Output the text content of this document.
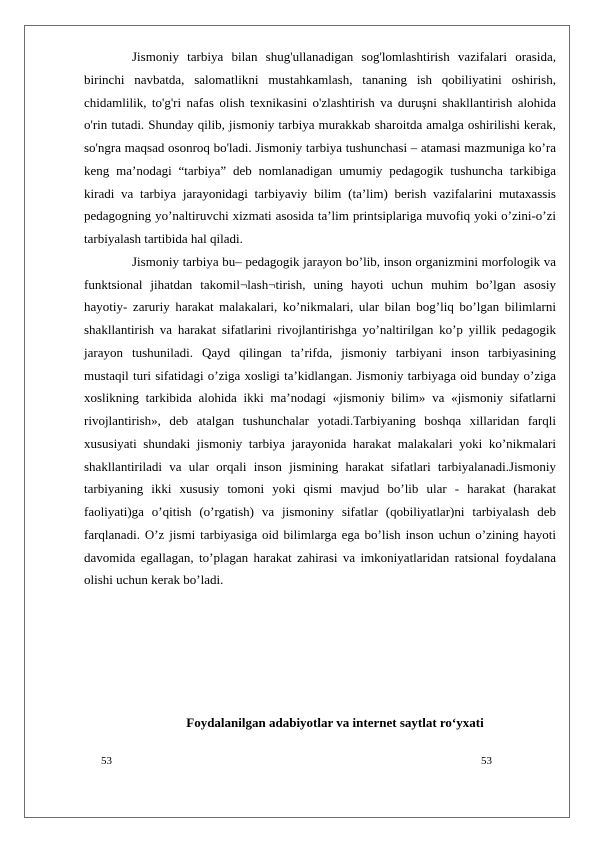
Jismoniy tarbiya bilan shug'ullanadigan sog'lomlashtirish vazifalari orasida, birinchi navbatda, salomatlikni mustahkamlash, tananing ish qobiliyatini oshirish, chidamlilik, to'g'ri nafas olish texnikasini o'zlashtirish va duruşni shakllantirish alohida o'rin tutadi. Shunday qilib, jismoniy tarbiya murakkab sharoitda amalga oshirilishi kerak, so'ngra maqsad osonroq bo'ladi. Jismoniy tarbiya tushunchasi – atamasi mazmuniga ko’ra keng ma’nodagi “tarbiya” deb nomlanadigan umumiy pedagogik tushuncha tarkibiga kiradi va tarbiya jarayonidagi tarbiyaviy bilim (ta’lim) berish vazifalarini mutaxassis pedagogning yo’naltiruvchi xizmati asosida ta’lim printsiplariga muvofiq yoki o’zini-o’zi tarbiyalash tartibida hal qiladi.

Jismoniy tarbiya bu– pedagogik jarayon bo’lib, inson organizmini morfologik va funktsional jihatdan takomil¬lash¬tirish, uning hayoti uchun muhim bo’lgan asosiy hayotiy- zaruriy harakat malakalari, ko’nikmalari, ular bilan bog’liq bo’lgan bilimlarni shakllantirish va harakat sifatlarini rivojlantirishga yo’naltirilgan ko’p yillik pedagogik jarayon tushuniladi. Qayd qilingan ta’rifda, jismoniy tarbiyani inson tarbiyasining mustaqil turi sifatidagi o’ziga xosligi ta’kidlangan. Jismoniy tarbiyaga oid bunday o’ziga xoslikning tarkibida alohida ikki ma’nodagi «jismoniy bilim» va «jismoniy sifatlarni rivojlantirish», deb atalgan tushunchalar yotadi.Tarbiyaning boshqa xillaridan farqli xususiyati shundaki jismoniy tarbiya jarayonida harakat malakalari yoki ko’nikmalari shakllantiriladi va ular orqali inson jismining harakat sifatlari tarbiyalanadi.Jismoniy tarbiyaning ikki xususiy tomoni yoki qismi mavjud bo’lib ular - harakat (harakat faoliyati)ga o’qitish (o’rgatish) va jismoniny sifatlar (qobiliyatlar)ni tarbiyalash deb farqlanadi. O’z jismi tarbiyasiga oid bilimlarga ega bo’lish inson uchun o’zining hayoti davomida egallagan, to’plagan harakat zahirasi va imkoniyatlaridan ratsional foydalana olishi uchun kerak bo’ladi.

Foydalanilgan adabiyotlar va internet saytlat ro‘yxati

53	53
